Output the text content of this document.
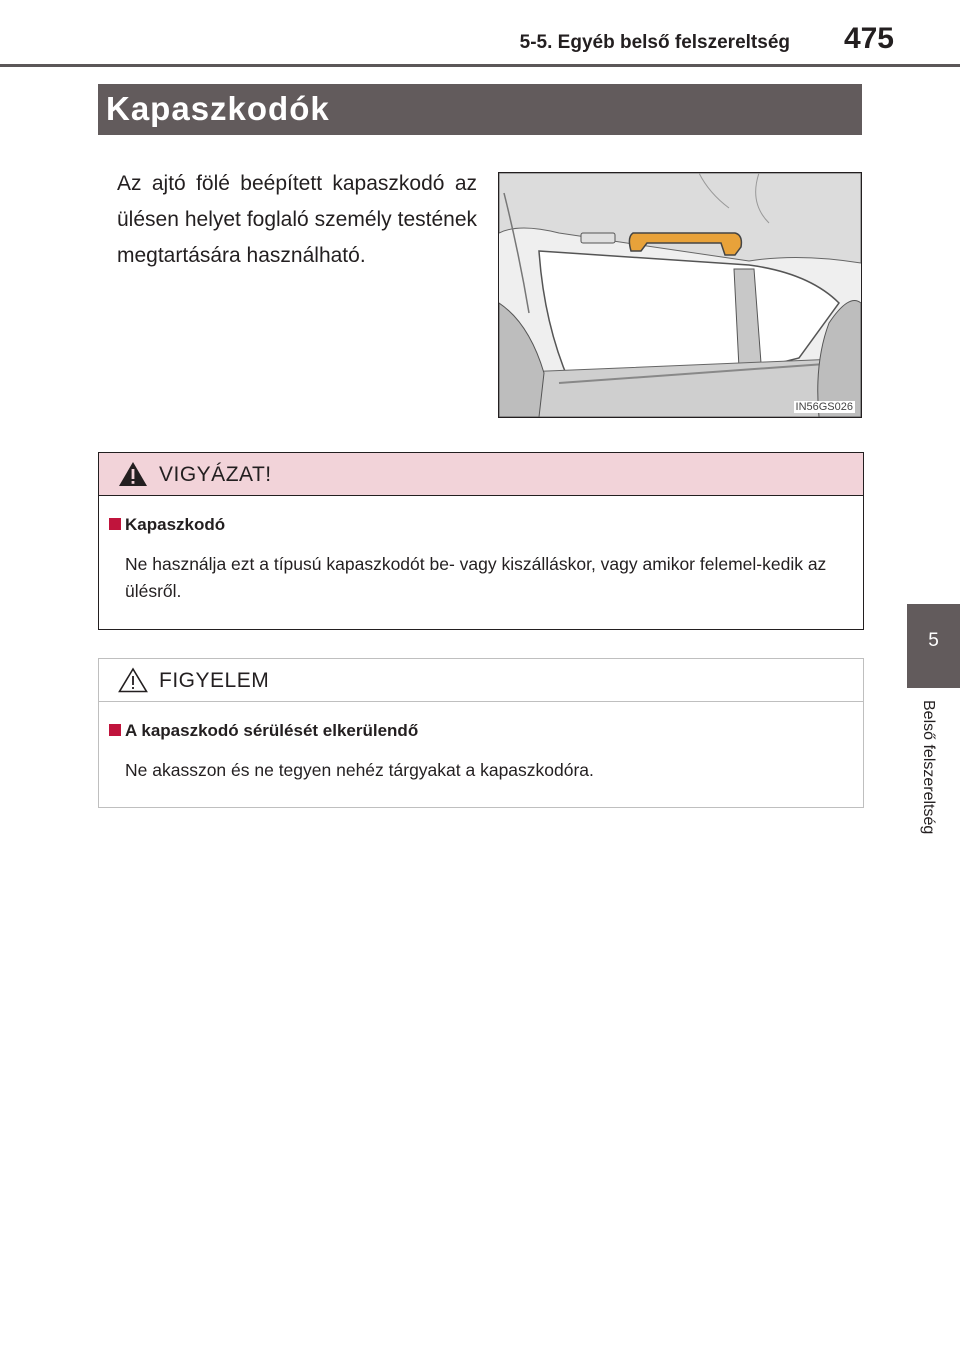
5-5. Egyéb belső felszereltség 475
Kapaszkodók
Az ajtó fölé beépített kapaszkodó az ülésen helyet foglaló személy testének megtartására használható.
IN56GS026
VIGYÁZAT!
Kapaszkodó
Ne használja ezt a típusú kapaszkodót be- vagy kiszálláskor, vagy amikor felemel-kedik az ülésről.
FIGYELEM
A kapaszkodó sérülését elkerülendő
Ne akasszon és ne tegyen nehéz tárgyakat a kapaszkodóra.
5
Belső felszereltség
